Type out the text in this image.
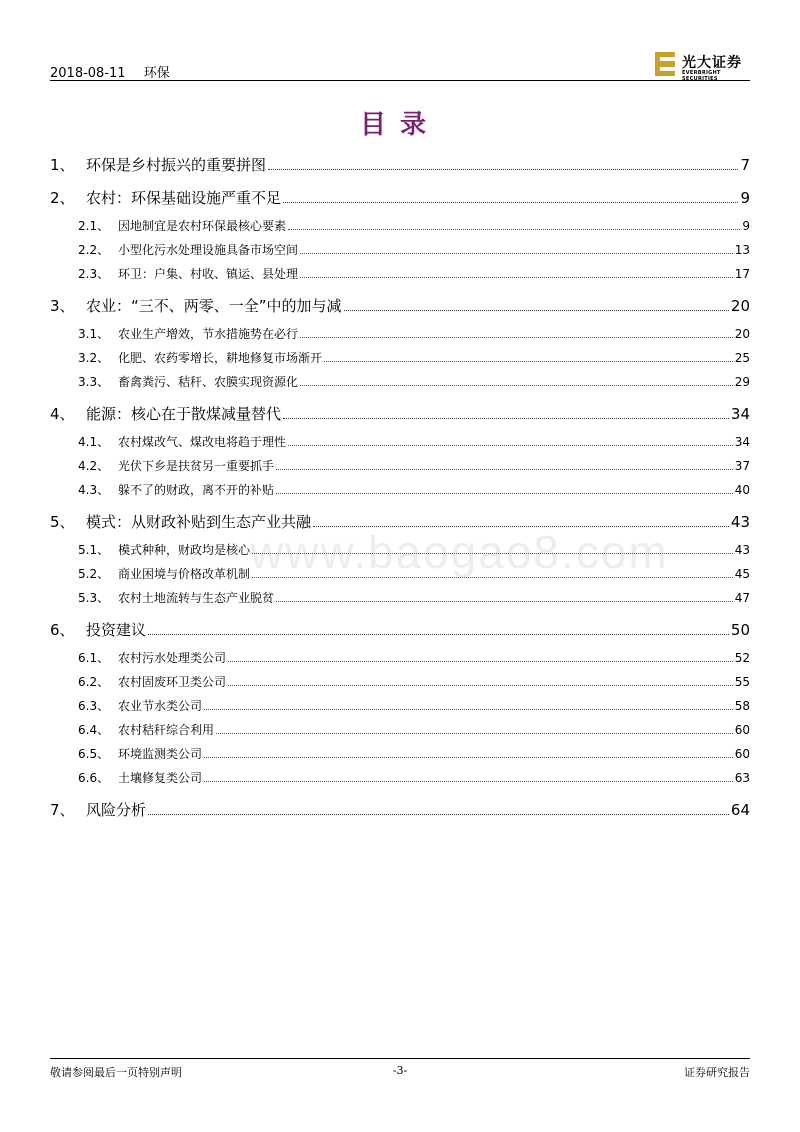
2018-08-11 环保
光大证券
EVERBRIGHT SECURITIES
目录
www.baogao8.com
1、 环保是乡村振兴的重要拼图	7
2、 农村：环保基础设施严重不足	9
2.1、 因地制宜是农村环保最核心要素	9
2.2、 小型化污水处理设施具备市场空间	13
2.3、 环卫：户集、村收、镇运、县处理	17
3、 农业：“三不、两零、一全”中的加与减	20
3.1、 农业生产增效，节水措施势在必行	20
3.2、 化肥、农药零增长，耕地修复市场渐开	25
3.3、 畜禽粪污、秸秆、农膜实现资源化	29
4、 能源：核心在于散煤减量替代	34
4.1、 农村煤改气、煤改电将趋于理性	34
4.2、 光伏下乡是扶贫另一重要抓手	37
4.3、 躲不了的财政，离不开的补贴	40
5、 模式：从财政补贴到生态产业共融	43
5.1、 模式种种，财政均是核心	43
5.2、 商业困境与价格改革机制	45
5.3、 农村土地流转与生态产业脱贫	47
6、 投资建议	50
6.1、 农村污水处理类公司	52
6.2、 农村固废环卫类公司	55
6.3、 农业节水类公司	58
6.4、 农村秸秆综合利用	60
6.5、 环境监测类公司	60
6.6、 土壤修复类公司	63
7、 风险分析	64
敬请参阅最后一页特别声明	-3-	证券研究报告
